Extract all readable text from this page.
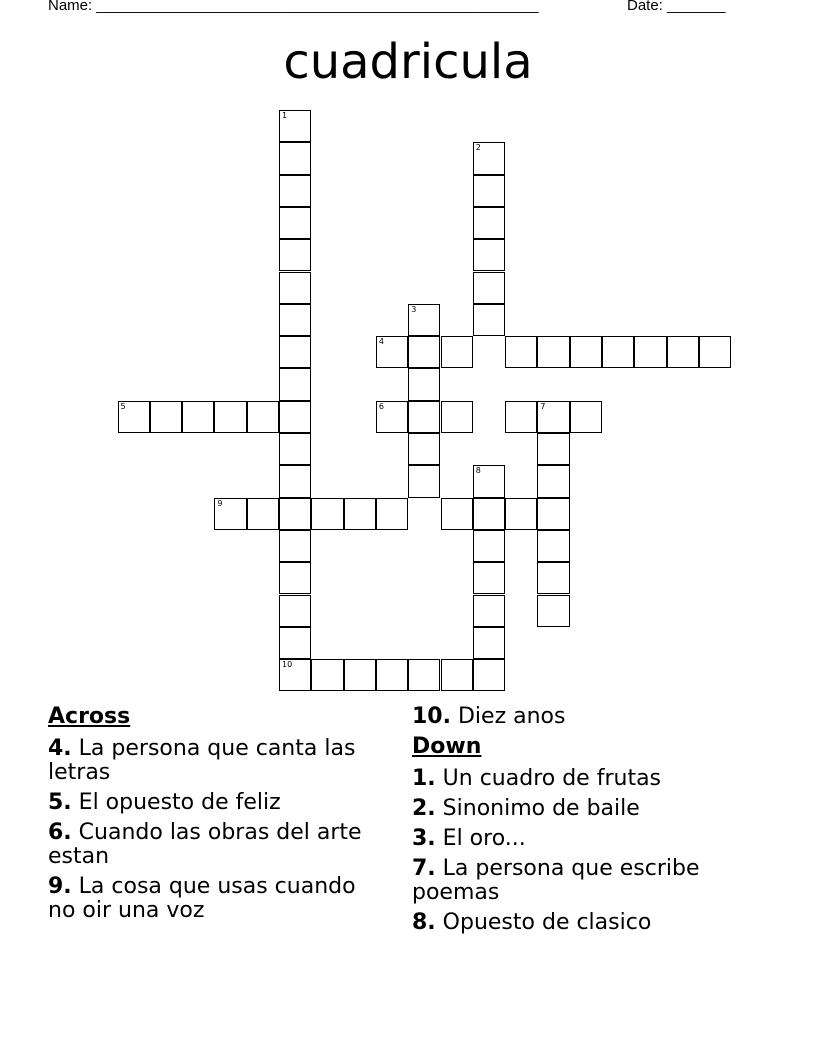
Name: _____________________________________________________	Date: _______
cuadricula
1
10
2
3
4
5	6	7
8
9
Across
4. La persona que canta las letras
5. El opuesto de feliz
6. Cuando las obras del arte estan
9. La cosa que usas cuando no oir una voz
10. Diez anos
Down
1. Un cuadro de frutas
2. Sinonimo de baile
3. El oro...
7. La persona que escribe poemas
8. Opuesto de clasico
